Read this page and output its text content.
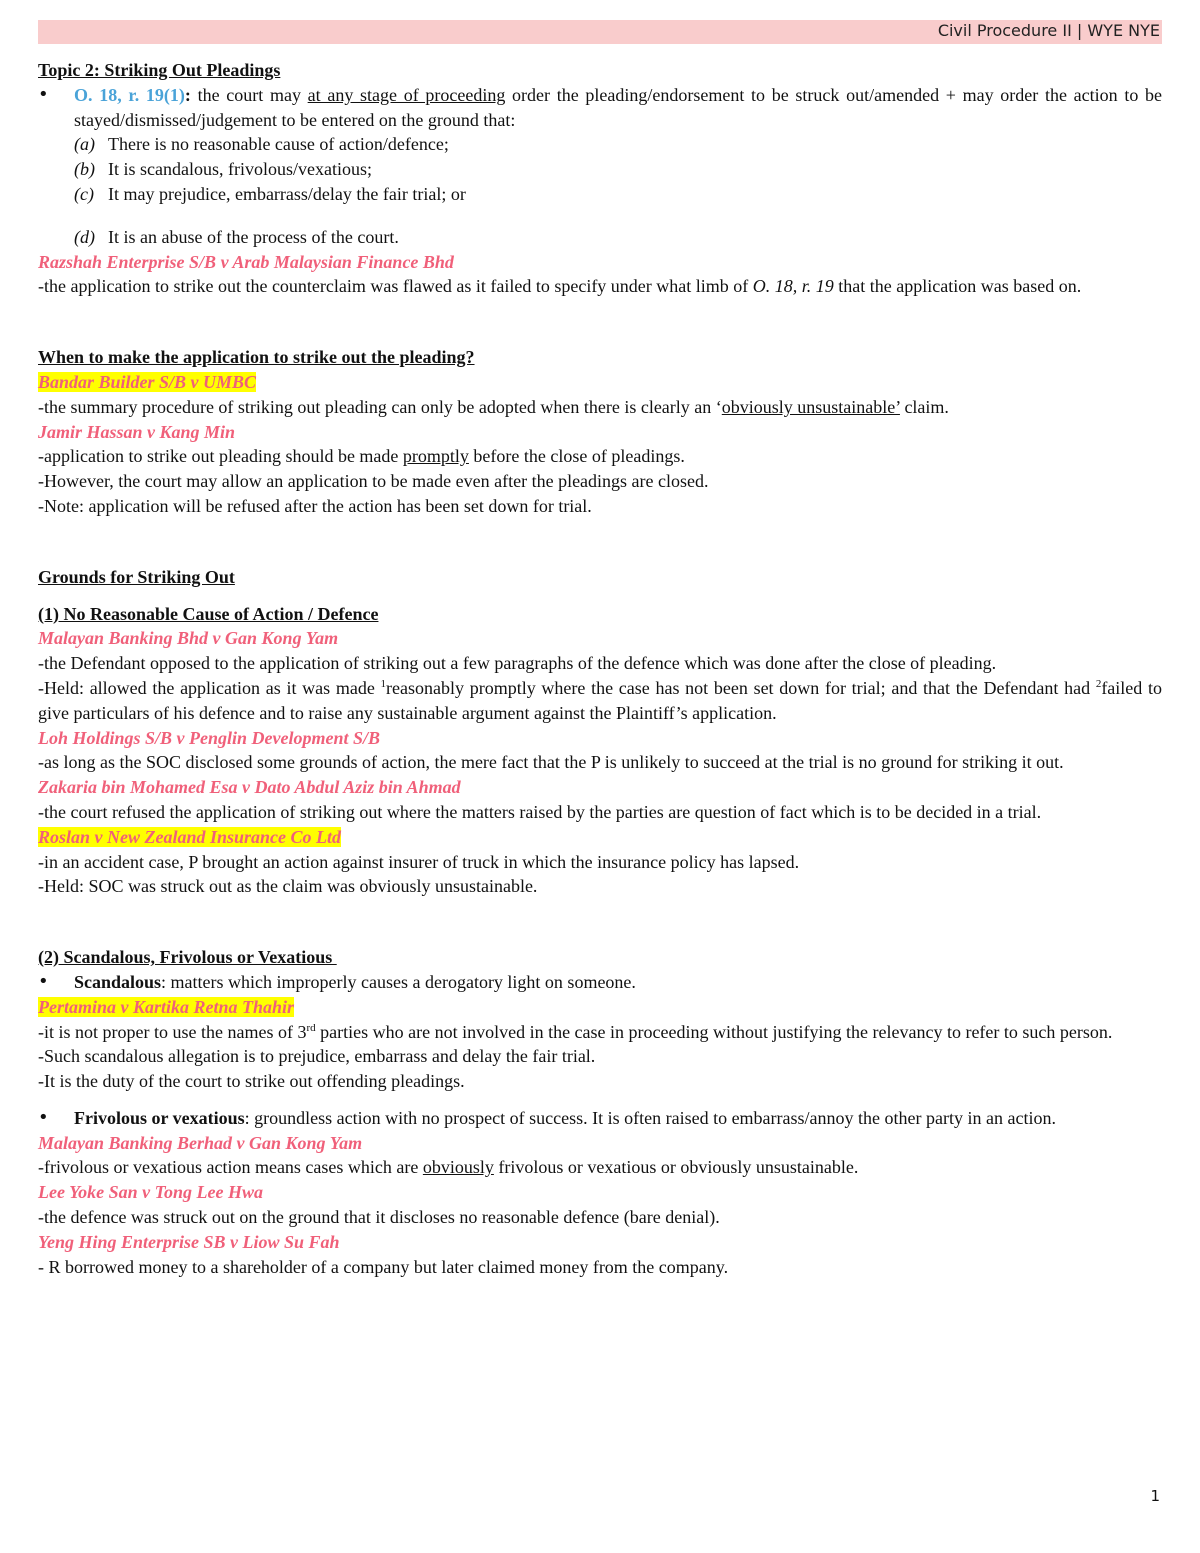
Civil Procedure II | WYE NYE

Topic 2: Striking Out Pleadings

• O. 18, r. 19(1): the court may at any stage of proceeding order the pleading/endorsement to be struck out/amended + may order the action to be stayed/dismissed/judgement to be entered on the ground that:

(a) There is no reasonable cause of action/defence;

(b) It is scandalous, frivolous/vexatious;

(c) It may prejudice, embarrass/delay the fair trial; or

(d) It is an abuse of the process of the court.

Razshah Enterprise S/B v Arab Malaysian Finance Bhd

-the application to strike out the counterclaim was flawed as it failed to specify under what limb of O. 18, r. 19 that the application was based on.

When to make the application to strike out the pleading?

Bandar Builder S/B v UMBC

-the summary procedure of striking out pleading can only be adopted when there is clearly an ‘obviously unsustainable’ claim.

Jamir Hassan v Kang Min

-application to strike out pleading should be made promptly before the close of pleadings.

-However, the court may allow an application to be made even after the pleadings are closed.

-Note: application will be refused after the action has been set down for trial.

Grounds for Striking Out

(1) No Reasonable Cause of Action / Defence

Malayan Banking Bhd v Gan Kong Yam

-the Defendant opposed to the application of striking out a few paragraphs of the defence which was done after the close of pleading.

-Held: allowed the application as it was made $^1$reasonably promptly where the case has not been set down for trial; and that the Defendant had $^2$failed to give particulars of his defence and to raise any sustainable argument against the Plaintiff’s application.

Loh Holdings S/B v Penglin Development S/B

-as long as the SOC disclosed some grounds of action, the mere fact that the P is unlikely to succeed at the trial is no ground for striking it out.

Zakaria bin Mohamed Esa v Dato Abdul Aziz bin Ahmad

-the court refused the application of striking out where the matters raised by the parties are question of fact which is to be decided in a trial.

Roslan v New Zealand Insurance Co Ltd

-in an accident case, P brought an action against insurer of truck in which the insurance policy has lapsed.

-Held: SOC was struck out as the claim was obviously unsustainable.

(2) Scandalous, Frivolous or Vexatious

• Scandalous: matters which improperly causes a derogatory light on someone.

Pertamina v Kartika Retna Thahir

-it is not proper to use the names of 3rd parties who are not involved in the case in proceeding without justifying the relevancy to refer to such person.

-Such scandalous allegation is to prejudice, embarrass and delay the fair trial.

-It is the duty of the court to strike out offending pleadings.

• Frivolous or vexatious: groundless action with no prospect of success. It is often raised to embarrass/annoy the other party in an action.

Malayan Banking Berhad v Gan Kong Yam

-frivolous or vexatious action means cases which are obviously frivolous or vexatious or obviously unsustainable.

Lee Yoke San v Tong Lee Hwa

-the defence was struck out on the ground that it discloses no reasonable defence (bare denial).

Yeng Hing Enterprise SB v Liow Su Fah

- R borrowed money to a shareholder of a company but later claimed money from the company.

1
